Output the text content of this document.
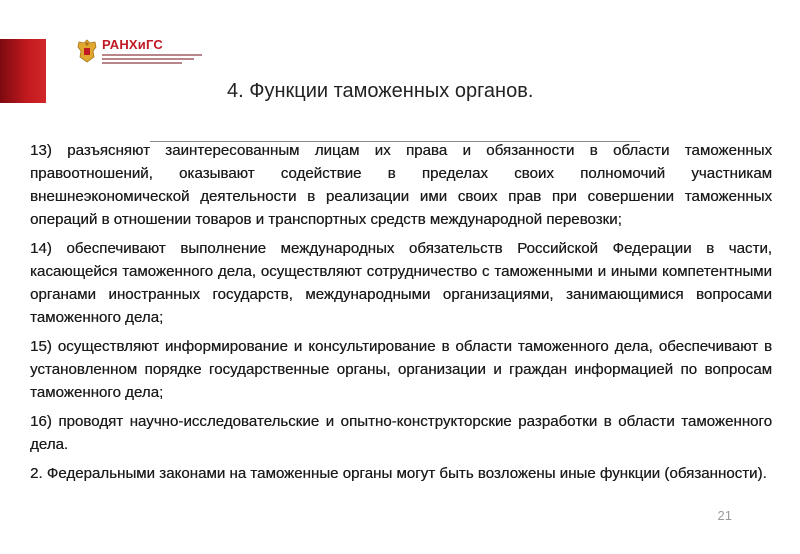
РАНХиГС
4. Функции таможенных органов.

13) разъясняют заинтересованным лицам их права и обязанности в области таможенных правоотношений, оказывают содействие в пределах своих полномочий участникам внешнеэкономической деятельности в реализации ими своих прав при совершении таможенных операций в отношении товаров и транспортных средств международной перевозки;

14) обеспечивают выполнение международных обязательств Российской Федерации в части, касающейся таможенного дела, осуществляют сотрудничество с таможенными и иными компетентными органами иностранных государств, международными организациями, занимающимися вопросами таможенного дела;

15) осуществляют информирование и консультирование в области таможенного дела, обеспечивают в установленном порядке государственные органы, организации и граждан информацией по вопросам таможенного дела;

16) проводят научно-исследовательские и опытно-конструкторские разработки в области таможенного дела.

2. Федеральными законами на таможенные органы могут быть возложены иные функции (обязанности).

21
